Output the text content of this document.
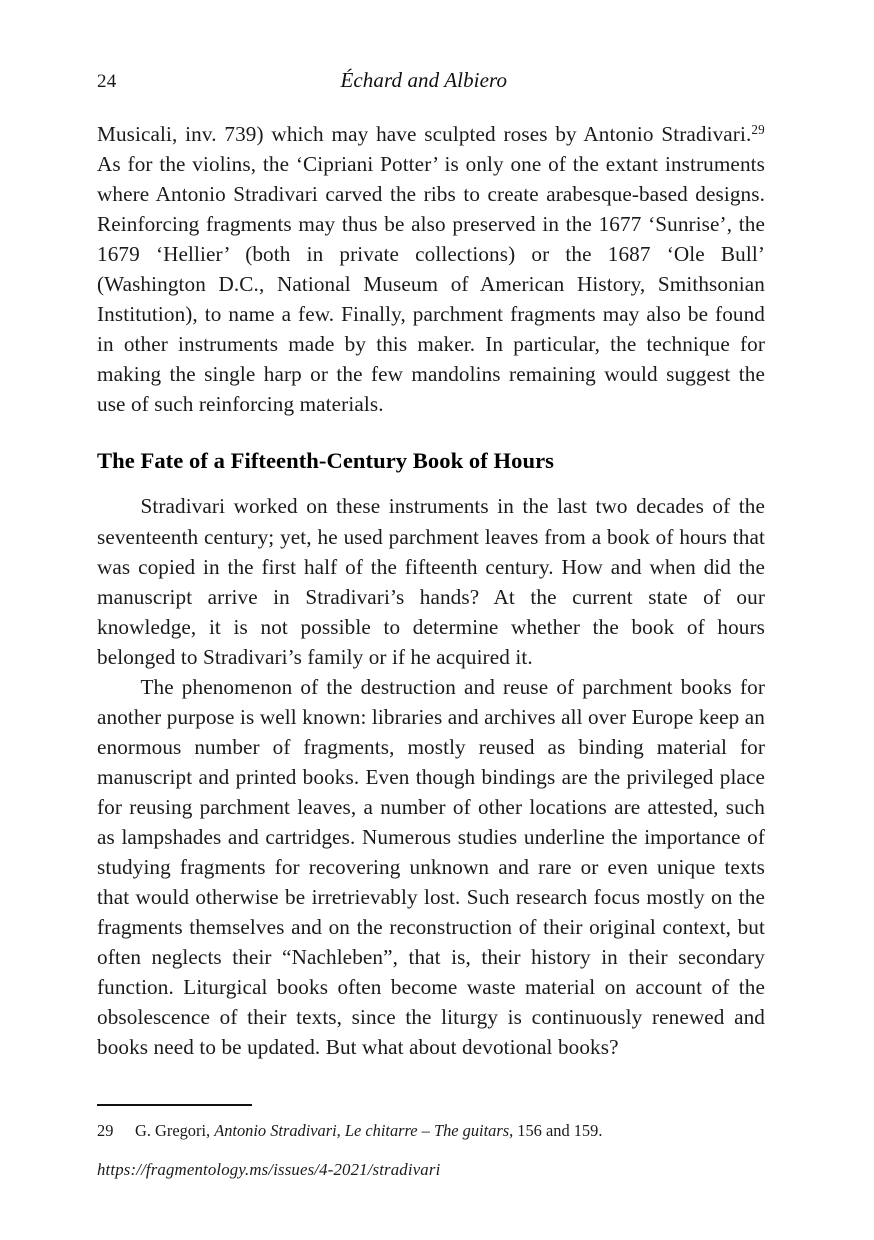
24	Échard and Albiero

Musicali, inv. 739) which may have sculpted roses by Antonio Stradivari.$^{29}$ As for the violins, the ‘Cipriani Potter’ is only one of the extant instruments where Antonio Stradivari carved the ribs to create arabesque-based designs. Reinforcing fragments may thus be also preserved in the 1677 ‘Sunrise’, the 1679 ‘Hellier’ (both in private collections) or the 1687 ‘Ole Bull’ (Washington D.C., National Museum of American History, Smithsonian Institution), to name a few. Finally, parchment fragments may also be found in other instruments made by this maker. In particular, the technique for making the single harp or the few mandolins remaining would suggest the use of such reinforcing materials.

The Fate of a Fifteenth-Century Book of Hours

Stradivari worked on these instruments in the last two decades of the seventeenth century; yet, he used parchment leaves from a book of hours that was copied in the first half of the fifteenth century. How and when did the manuscript arrive in Stradivari’s hands? At the current state of our knowledge, it is not possible to determine whether the book of hours belonged to Stradivari’s family or if he acquired it.

The phenomenon of the destruction and reuse of parchment books for another purpose is well known: libraries and archives all over Europe keep an enormous number of fragments, mostly reused as binding material for manuscript and printed books. Even though bindings are the privileged place for reusing parchment leaves, a number of other locations are attested, such as lampshades and cartridges. Numerous studies underline the importance of studying fragments for recovering unknown and rare or even unique texts that would otherwise be irretrievably lost. Such research focus mostly on the fragments themselves and on the reconstruction of their original context, but often neglects their “Nachleben”, that is, their history in their secondary function. Liturgical books often become waste material on account of the obsolescence of their texts, since the liturgy is continuously renewed and books need to be updated. But what about devotional books?

29	G. Gregori, Antonio Stradivari, Le chitarre – The guitars, 156 and 159.
https://fragmentology.ms/issues/4-2021/stradivari
